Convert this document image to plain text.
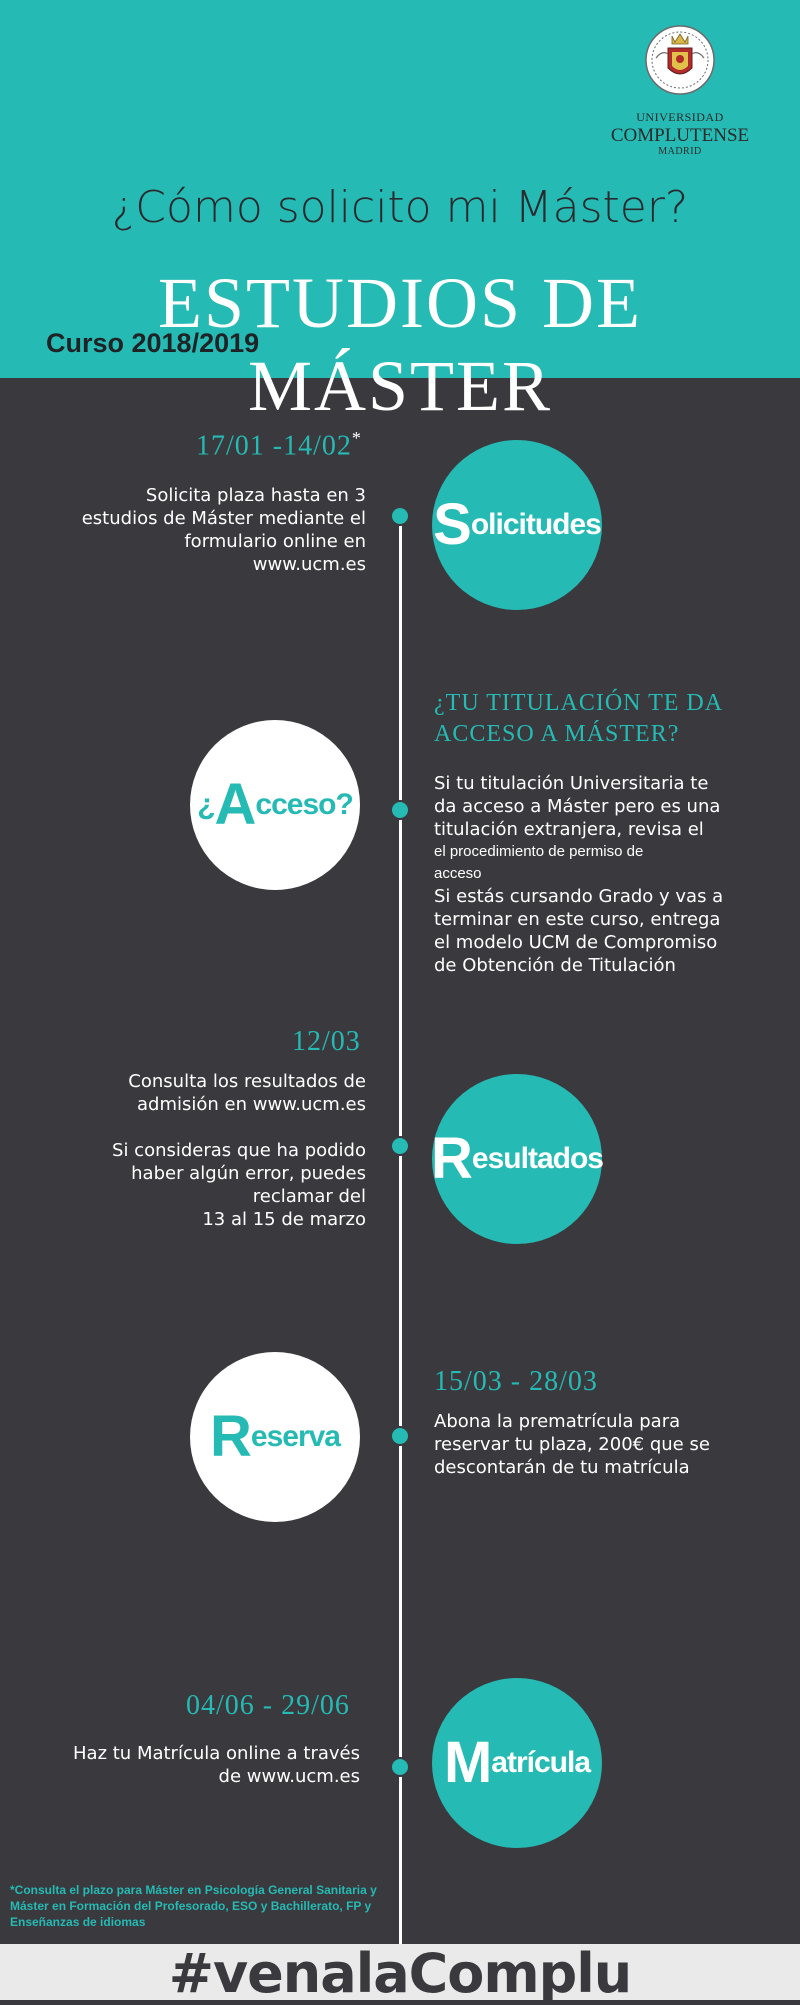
UNIVERSIDAD
COMPLUTENSE
MADRID
¿Cómo solicito mi Máster?
ESTUDIOS DE MÁSTER
Curso 2018/2019
17/01 -14/02*
Solicita plaza hasta en 3
estudios de Máster mediante el
formulario online en
www.ucm.es
S olicitudes
¿TU TITULACIÓN TE DA
ACCESO A MÁSTER?
¿ A cceso?
Si tu titulación Universitaria te
da acceso a Máster pero es una
titulación extranjera, revisa el
el procedimiento de permiso de
acceso
Si estás cursando Grado y vas a
terminar en este curso, entrega
el modelo UCM de Compromiso
de Obtención de Titulación
12/03
Consulta los resultados de
admisión en www.ucm.es
Si consideras que ha podido
haber algún error, puedes
reclamar del
13 al 15 de marzo
R esultados
R eserva
15/03 - 28/03
Abona la prematrícula para
reservar tu plaza, 200€ que se
descontarán de tu matrícula
04/06 - 29/06
Haz tu Matrícula online a través
de www.ucm.es M atrícula
*Consulta el plazo para Máster en Psicología General Sanitaria y Máster en Formación del Profesorado, ESO y Bachillerato, FP y Enseñanzas de idiomas
#venalaComplu
